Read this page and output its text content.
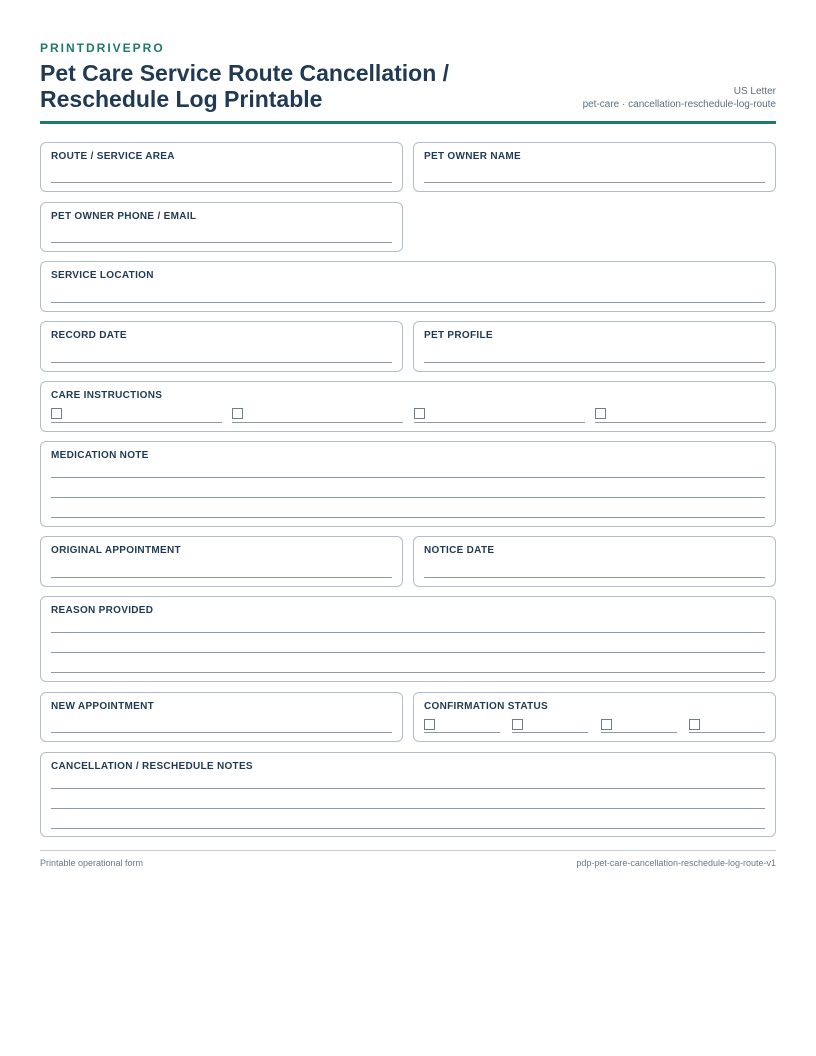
PRINTDRIVEPRO
Pet Care Service Route Cancellation / Reschedule Log Printable	US Letter
pet-care · cancellation-reschedule-log-route
ROUTE / SERVICE AREA	PET OWNER NAME
PET OWNER PHONE / EMAIL
SERVICE LOCATION
RECORD DATE	PET PROFILE
CARE INSTRUCTIONS
MEDICATION NOTE
ORIGINAL APPOINTMENT	NOTICE DATE
REASON PROVIDED
NEW APPOINTMENT	CONFIRMATION STATUS
CANCELLATION / RESCHEDULE NOTES
Printable operational form	pdp-pet-care-cancellation-reschedule-log-route-v1
